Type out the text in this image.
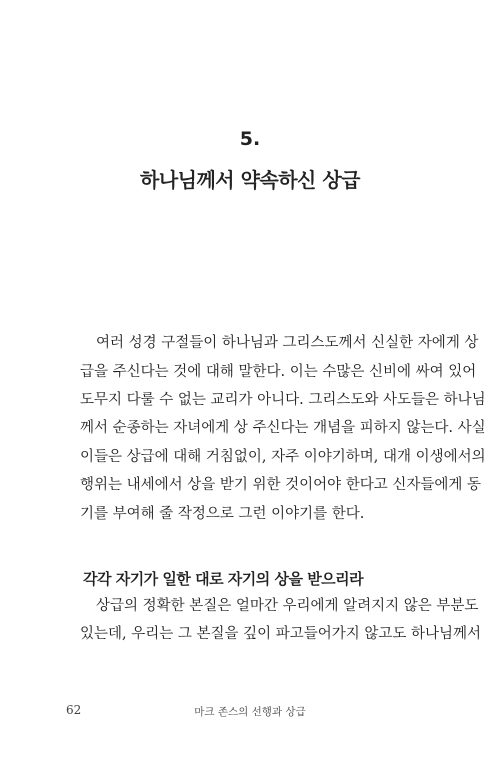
5.
하나님께서 약속하신 상급
여러 성경 구절들이 하나님과 그리스도께서 신실한 자에게 상
급을 주신다는 것에 대해 말한다. 이는 수많은 신비에 싸여 있어
도무지 다룰 수 없는 교리가 아니다. 그리스도와 사도들은 하나님
께서 순종하는 자녀에게 상 주신다는 개념을 피하지 않는다. 사실
이들은 상급에 대해 거침없이, 자주 이야기하며, 대개 이생에서의
행위는 내세에서 상을 받기 위한 것이어야 한다고 신자들에게 동
기를 부여해 줄 작정으로 그런 이야기를 한다.
각각 자기가 일한 대로 자기의 상을 받으리라
상급의 정확한 본질은 얼마간 우리에게 알려지지 않은 부분도
있는데, 우리는 그 본질을 깊이 파고들어가지 않고도 하나님께서
62	마크 존스의 선행과 상급
